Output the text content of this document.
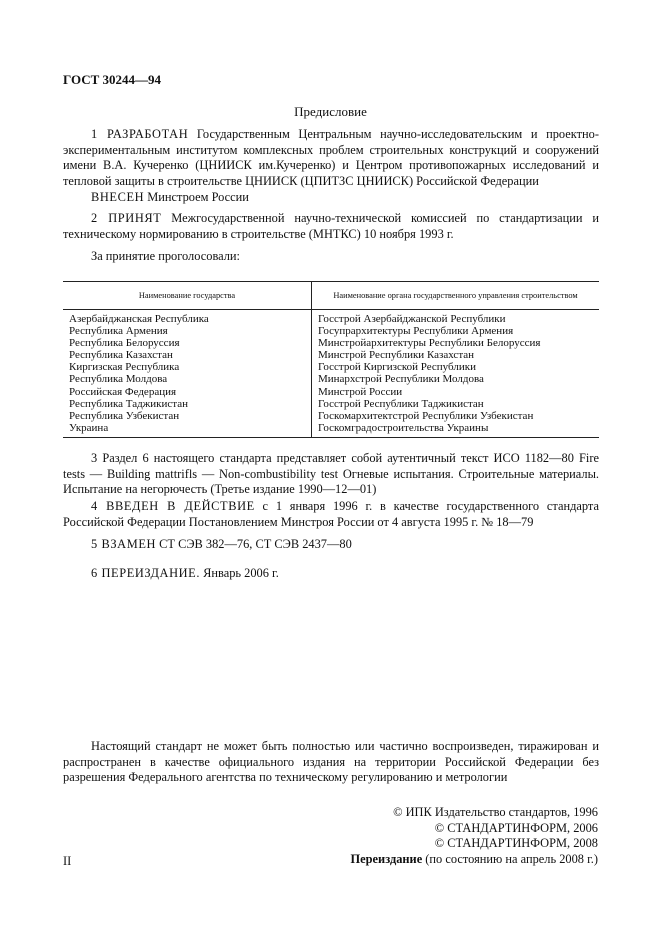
ГОСТ 30244—94
Предисловие
1 РАЗРАБОТАН Государственным Центральным научно-исследовательским и проектно-экспериментальным институтом комплексных проблем строительных конструкций и сооружений имени В.А. Кучеренко (ЦНИИСК им.Кучеренко) и Центром противопожарных исследований и тепловой защиты в строительстве ЦНИИСК (ЦПИТЗС ЦНИИСК) Российской Федерации
ВНЕСЕН Минстроем России
2 ПРИНЯТ Межгосударственной научно-технической комиссией по стандартизации и техническому нормированию в строительстве (МНТКС) 10 ноября 1993 г.
За принятие проголосовали:
Наименование государства	Наименование органа государственного управления строительством
Азербайджанская Республика	Госстрой Азербайджанской Республики
Республика Армения	Госупрархитектуры Республики Армения
Республика Белоруссия	Минстройархитектуры Республики Белоруссия
Республика Казахстан	Минстрой Республики Казахстан
Киргизская Республика	Госстрой Киргизской Республики
Республика Молдова	Минархстрой Республики Молдова
Российская Федерация	Минстрой России
Республика Таджикистан	Госстрой Республики Таджикистан
Республика Узбекистан	Госкомархитектстрой Республики Узбекистан
Украина	Госкомградостроительства Украины
3 Раздел 6 настоящего стандарта представляет собой аутентичный текст ИСО 1182—80 Fire tests — Building mattrifls — Non-combustibility test Огневые испытания. Строительные материалы. Испытание на негорючесть (Третье издание 1990—12—01)
4 ВВЕДЕН В ДЕЙСТВИЕ с 1 января 1996 г. в качестве государственного стандарта Российской Федерации Постановлением Минстроя России от 4 августа 1995 г. № 18—79
5 ВЗАМЕН СТ СЭВ 382—76, СТ СЭВ 2437—80
6 ПЕРЕИЗДАНИЕ. Январь 2006 г.
Настоящий стандарт не может быть полностью или частично воспроизведен, тиражирован и распространен в качестве официального издания на территории Российской Федерации без разрешения Федерального агентства по техническому регулированию и метрологии
© ИПК Издательство стандартов, 1996
© СТАНДАРТИНФОРМ, 2006
© СТАНДАРТИНФОРМ, 2008
Переиздание (по состоянию на апрель 2008 г.)
II
